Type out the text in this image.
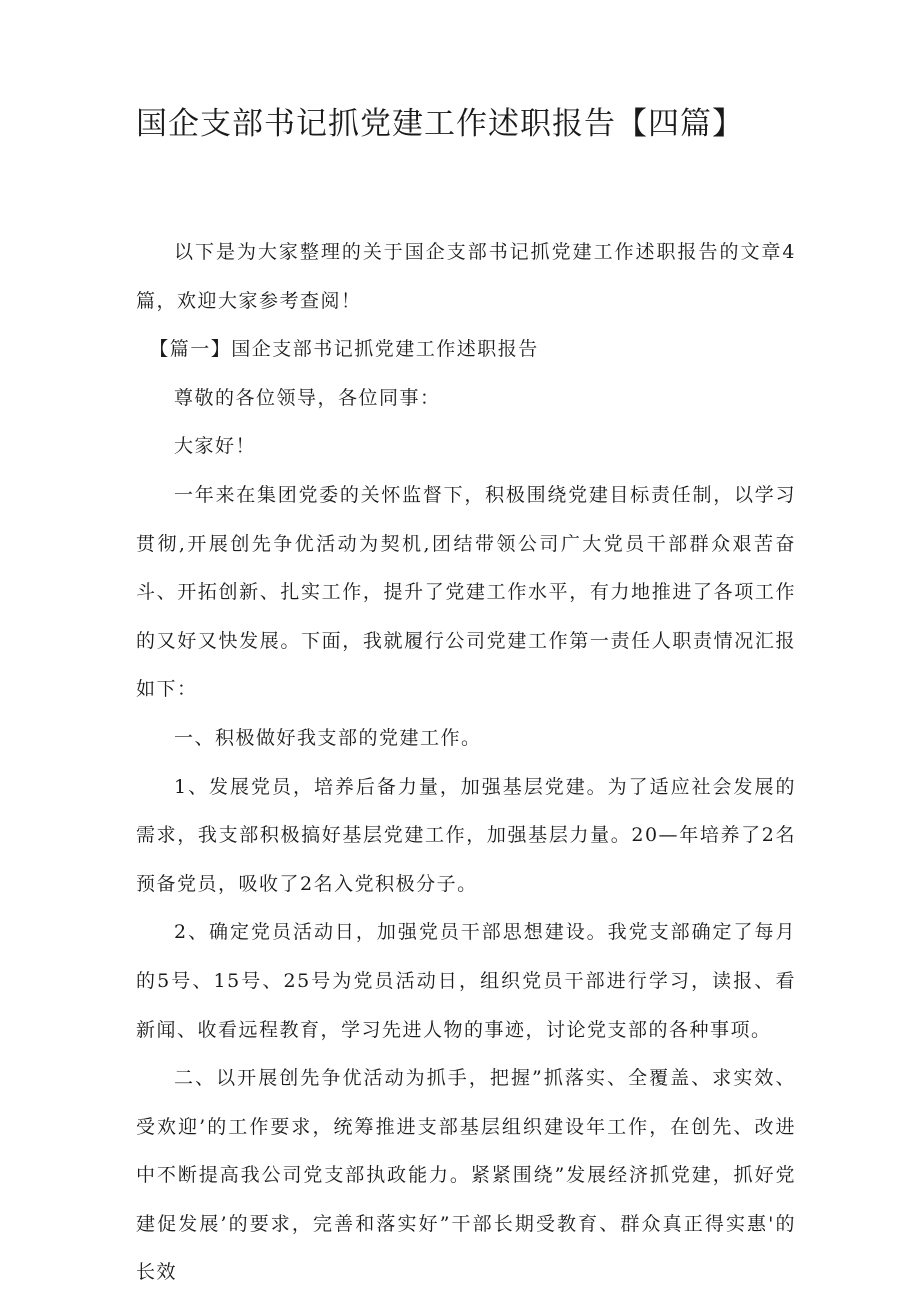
国企支部书记抓党建工作述职报告【四篇】

以下是为大家整理的关于国企支部书记抓党建工作述职报告的文章4篇，欢迎大家参考查阅！

【篇一】国企支部书记抓党建工作述职报告

尊敬的各位领导，各位同事：

大家好！

一年来在集团党委的关怀监督下，积极围绕党建目标责任制，以学习贯彻,开展创先争优活动为契机,团结带领公司广大党员干部群众艰苦奋斗、开拓创新、扎实工作，提升了党建工作水平，有力地推进了各项工作的又好又快发展。下面，我就履行公司党建工作第一责任人职责情况汇报如下：

一、积极做好我支部的党建工作。

1、发展党员，培养后备力量，加强基层党建。为了适应社会发展的需求，我支部积极搞好基层党建工作，加强基层力量。20—年培养了2名预备党员，吸收了2名入党积极分子。

2、确定党员活动日，加强党员干部思想建设。我党支部确定了每月的5号、15号、25号为党员活动日，组织党员干部进行学习，读报、看新闻、收看远程教育，学习先进人物的事迹，讨论党支部的各种事项。

二、以开展创先争优活动为抓手，把握”抓落实、全覆盖、求实效、受欢迎’的工作要求，统筹推进支部基层组织建设年工作，在创先、改进中不断提高我公司党支部执政能力。紧紧围绕”发展经济抓党建，抓好党建促发展’的要求，完善和落实好”干部长期受教育、群众真正得实惠'的长效
